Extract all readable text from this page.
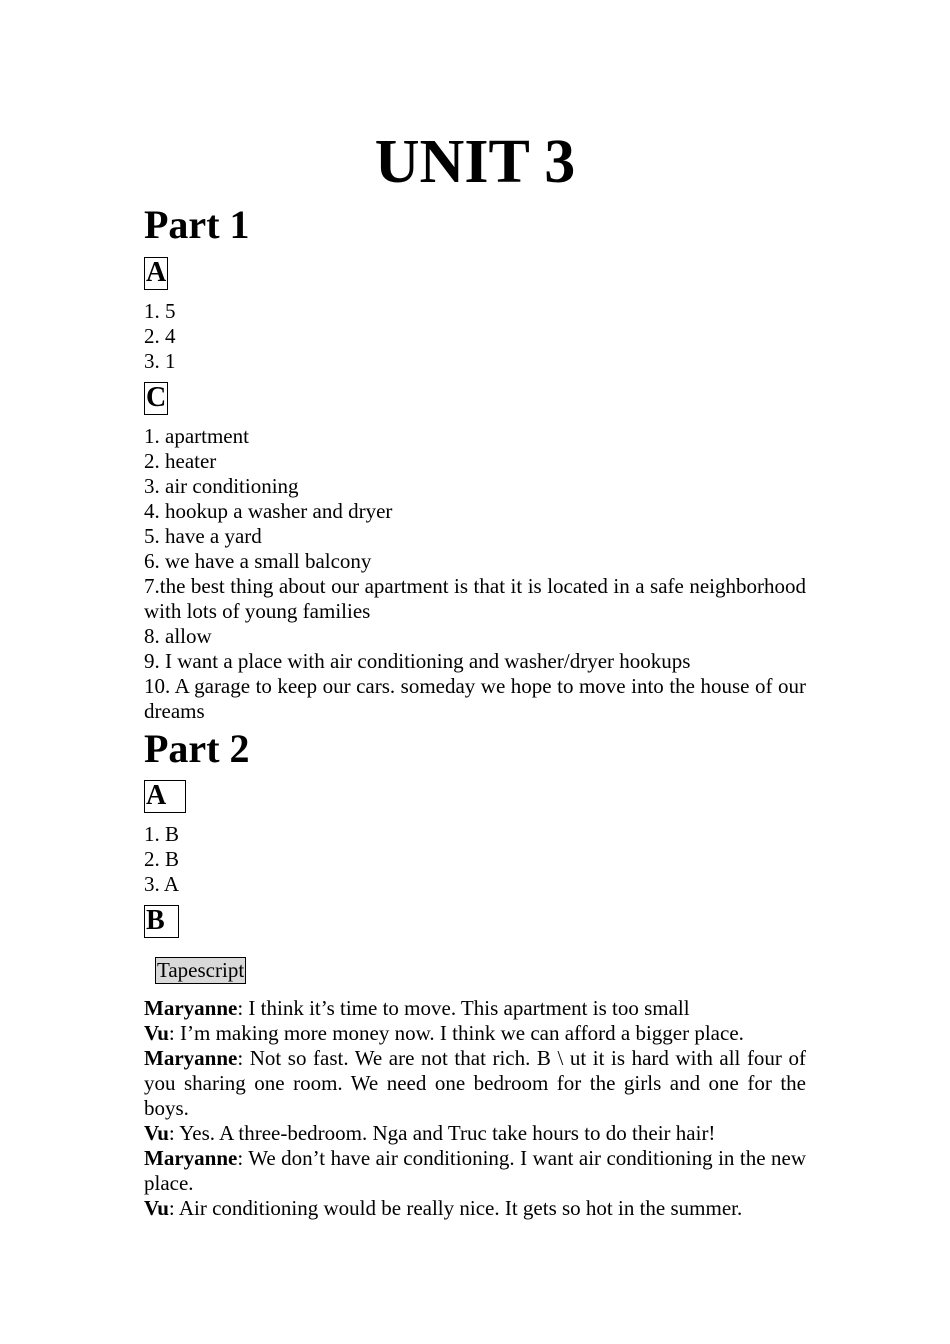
UNIT 3
Part 1
A
1. 5
2. 4
3. 1
C
1. apartment
2. heater
3. air conditioning
4. hookup a washer and dryer
5. have a yard
6. we have a small balcony
7.the best thing about our apartment is that it is located in a safe neighborhood with lots of young families
8. allow
9. I want a place with air conditioning and washer/dryer hookups
10. A garage to keep our cars. someday we hope to move into the house of our dreams
Part 2
A
1. B
2. B
3. A
B
Tapescript

Maryanne: I think it’s time to move. This apartment is too small

Vu: I’m making more money now. I think we can afford a bigger place.

Maryanne: Not so fast. We are not that rich. B \ ut it is hard with all four of you sharing one room. We need one bedroom for the girls and one for the boys.

Vu: Yes. A three-bedroom. Nga and Truc take hours to do their hair!

Maryanne: We don’t have air conditioning. I want air conditioning in the new place.

Vu: Air conditioning would be really nice. It gets so hot in the summer.
